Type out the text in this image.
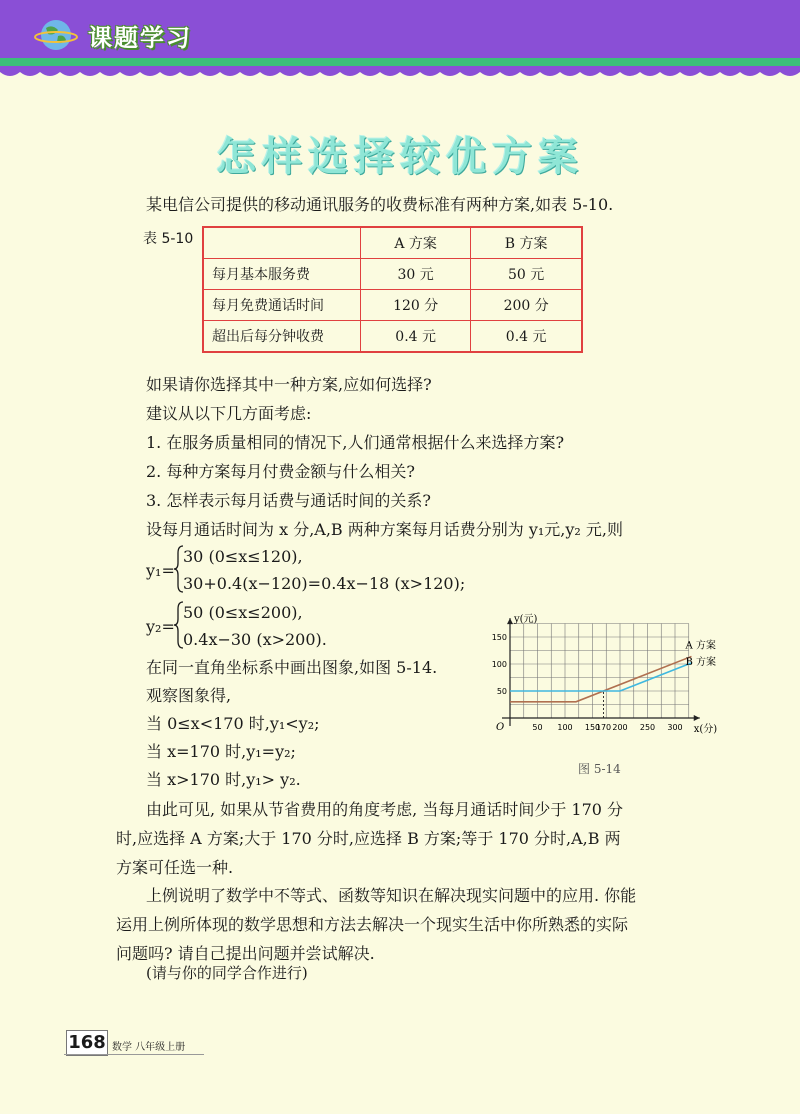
课题学习
怎样选择较优方案
某电信公司提供的移动通讯服务的收费标准有两种方案,如表 5-10.
表 5-10
		A 方案	B 方案
每月基本服务费	30 元	50 元
每月免费通话时间	120 分	200 分
超出后每分钟收费	0.4 元	0.4 元
如果请你选择其中一种方案,应如何选择?
建议从以下几方面考虑:
1. 在服务质量相同的情况下,人们通常根据什么来选择方案?
2. 每种方案每月付费金额与什么相关?
3. 怎样表示每月话费与通话时间的关系?
设每月通话时间为 x 分,A,B 两种方案每月话费分别为 y₁元,y₂ 元,则
y₁=
30 (0≤x≤120),
30+0.4(x−120)=0.4x−18 (x>120);
y₂=
50 (0≤x≤200),
0.4x−30 (x>200).
在同一直角坐标系中画出图象,如图 5-14.
观察图象得,
当 0≤x<170 时,y₁<y₂;
当 x=170 时,y₁=y₂;
当 x>170 时,y₁> y₂.
x(分)
y(元)
O	50 100 150
170 200 250 300
50
100
150
A 方案
B 方案
图 5-14
由此可见, 如果从节省费用的角度考虑, 当每月通话时间少于 170 分
时,应选择 A 方案;大于 170 分时,应选择 B 方案;等于 170 分时,A,B 两
方案可任选一种.
上例说明了数学中不等式、函数等知识在解决现实问题中的应用. 你能
运用上例所体现的数学思想和方法去解决一个现实生活中你所熟悉的实际
问题吗? 请自己提出问题并尝试解决.
(请与你的同学合作进行)
168 数学 八年级上册
